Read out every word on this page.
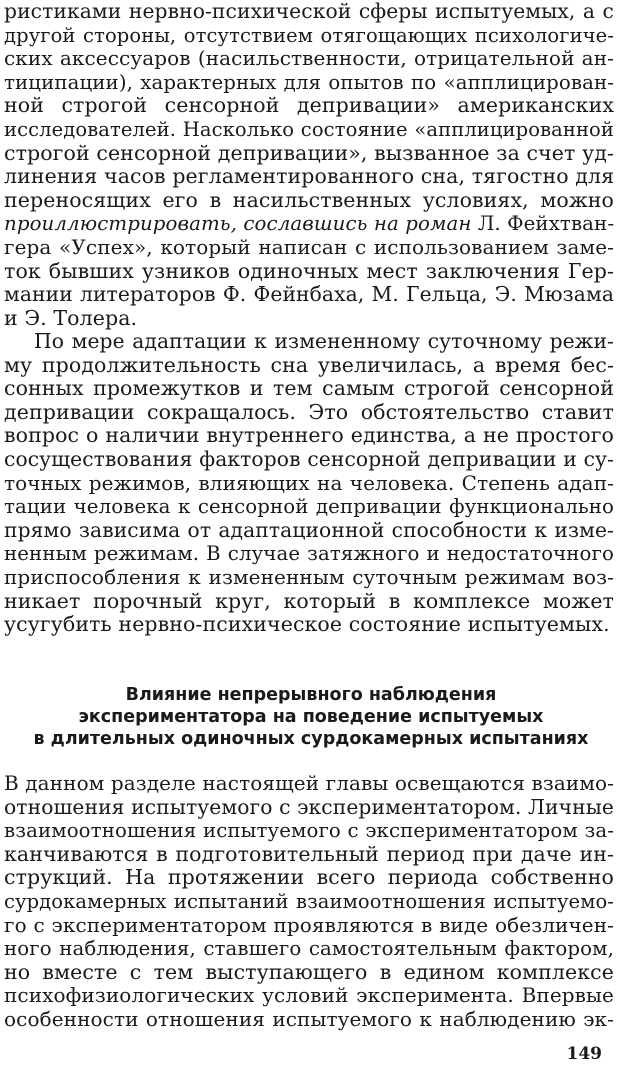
ристиками нервно-психической сферы испытуемых, а с
другой стороны, отсутствием отягощающих психологиче-
ских аксессуаров (насильственности, отрицательной ан-
тиципации), характерных для опытов по «апплицирован-
ной строгой сенсорной депривации» американских
исследователей. Насколько состояние «апплицированной
строгой сенсорной депривации», вызванное за счет уд-
линения часов регламентированного сна, тягостно для
переносящих его в насильственных условиях, можно
проиллюстрировать, сославшись на роман Л. Фейхтван-
гера «Успех», который написан с использованием заме-
ток бывших узников одиночных мест заключения Гер-
мании литераторов Ф. Фейнбаха, М. Гельца, Э. Мюзама
и Э. Толера.
По мере адаптации к измененному суточному режи-
му продолжительность сна увеличилась, а время бес-
сонных промежутков и тем самым строгой сенсорной
депривации сокращалось. Это обстоятельство ставит
вопрос о наличии внутреннего единства, а не простого
сосуществования факторов сенсорной депривации и су-
точных режимов, влияющих на человека. Степень адап-
тации человека к сенсорной депривации функционально
прямо зависима от адаптационной способности к изме-
ненным режимам. В случае затяжного и недостаточного
приспособления к измененным суточным режимам воз-
никает порочный круг, который в комплексе может
усугубить нервно-психическое состояние испытуемых.
Влияние непрерывного наблюдения
экспериментатора на поведение испытуемых
в длительных одиночных сурдокамерных испытаниях
В данном разделе настоящей главы освещаются взаимо-
отношения испытуемого с экспериментатором. Личные
взаимоотношения испытуемого с экспериментатором за-
канчиваются в подготовительный период при даче ин-
струкций. На протяжении всего периода собственно
сурдокамерных испытаний взаимоотношения испытуемо-
го с экспериментатором проявляются в виде обезличен-
ного наблюдения, ставшего самостоятельным фактором,
но вместе с тем выступающего в едином комплексе
психофизиологических условий эксперимента. Впервые
особенности отношения испытуемого к наблюдению эк-
149
